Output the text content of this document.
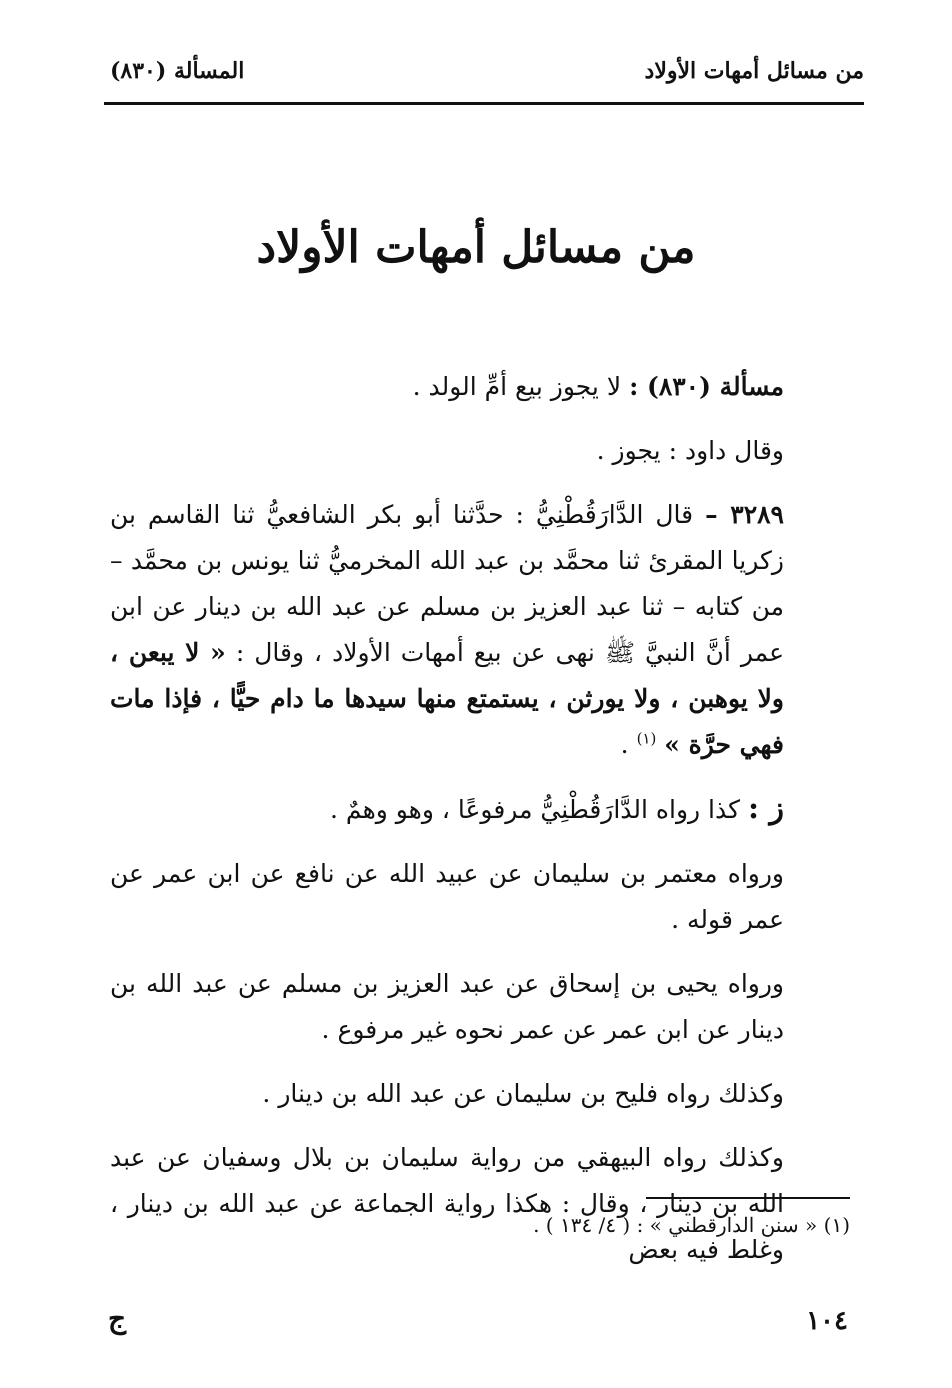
من مسائل أمهات الأولاد
المسألة (٨٣٠)
من مسائل أمهات الأولاد

مسألة (٨٣٠) : لا يجوز بيع أمِّ الولد .

وقال داود : يجوز .

٣٢٨٩ – قال الدَّارَقُطْنِيُّ : حدَّثنا أبو بكر الشافعيُّ ثنا القاسم بن زكريا المقرئ ثنا محمَّد بن عبد الله المخرميُّ ثنا يونس بن محمَّد – من كتابه – ثنا عبد العزيز بن مسلم عن عبد الله بن دينار عن ابن عمر أنَّ النبيَّ ﷺ نهى عن بيع أمهات الأولاد ، وقال : « لا يبعن ، ولا يوهبن ، ولا يورثن ، يستمتع منها سيدها ما دام حيًّا ، فإذا مات فهي حرَّة » $^{(١)}$ .

ز : كذا رواه الدَّارَقُطْنِيُّ مرفوعًا ، وهو وهمٌ .

ورواه معتمر بن سليمان عن عبيد الله عن نافع عن ابن عمر عن عمر قوله .

ورواه يحيى بن إسحاق عن عبد العزيز بن مسلم عن عبد الله بن دينار عن ابن عمر عن عمر نحوه غير مرفوع .

وكذلك رواه فليح بن سليمان عن عبد الله بن دينار .

وكذلك رواه البيهقي من رواية سليمان بن بلال وسفيان عن عبد الله بن دينار ، وقال : هكذا رواية الجماعة عن عبد الله بن دينار ، وغلط فيه بعض

(١) « سنن الدارقطني » : ( ٤/ ١٣٤ ) .

١٠٤
ج
